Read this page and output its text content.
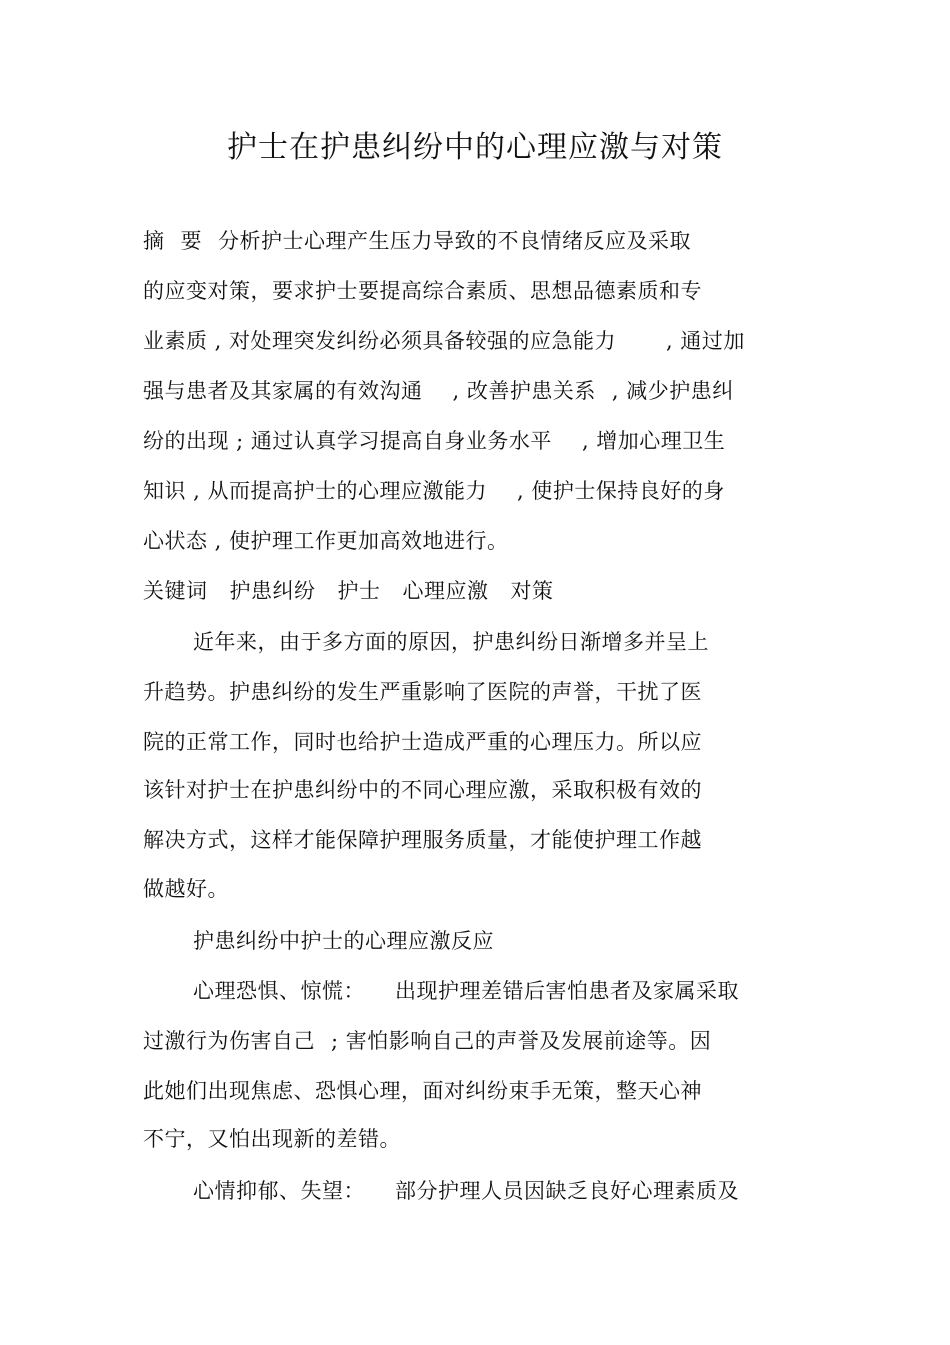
护士在护患纠纷中的心理应激与对策
摘 要 分析护士心理产生压力导致的不良情绪反应及采取
的应变对策，要求护士要提高综合素质、思想品德素质和专
业素质 , 对处理突发纠纷必须具备较强的应急能力 , 通过加
强与患者及其家属的有效沟通 , 改善护患关系 , 减少护患纠
纷的出现 ; 通过认真学习提高自身业务水平 , 增加心理卫生
知识 , 从而提高护士的心理应激能力 , 使护士保持良好的身
心状态 , 使护理工作更加高效地进行。
关键词 护患纠纷 护士 心理应激 对策
近年来，由于多方面的原因，护患纠纷日渐增多并呈上
升趋势。护患纠纷的发生严重影响了医院的声誉，干扰了医
院的正常工作，同时也给护士造成严重的心理压力。所以应
该针对护士在护患纠纷中的不同心理应激，采取积极有效的
解决方式，这样才能保障护理服务质量，才能使护理工作越
做越好。
护患纠纷中护士的心理应激反应
心理恐惧、惊慌： 出现护理差错后害怕患者及家属采取
过激行为伤害自己 ; 害怕影响自己的声誉及发展前途等。因
此她们出现焦虑、恐惧心理，面对纠纷束手无策，整天心神
不宁，又怕出现新的差错。
心情抑郁、失望： 部分护理人员因缺乏良好心理素质及
